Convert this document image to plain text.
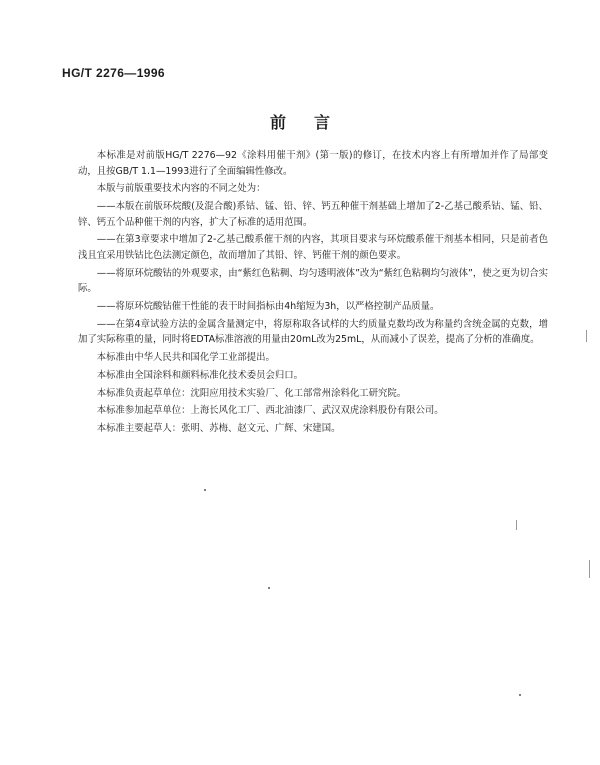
HG/T 2276—1996
前言

本标准是对前版HG/T 2276—92《涂料用催干剂》(第一版)的修订，在技术内容上有所增加并作了局部变动，且按GB/T 1.1—1993进行了全面编辑性修改。

本版与前版重要技术内容的不同之处为：

——本版在前版环烷酸(及混合酸)系钴、锰、铅、锌、钙五种催干剂基础上增加了2-乙基己酸系钴、锰、铅、锌、钙五个品种催干剂的内容，扩大了标准的适用范围。

——在第3章要求中增加了2-乙基己酸系催干剂的内容，其项目要求与环烷酸系催干剂基本相同，只是前者色浅且宜采用铁钴比色法测定颜色，故而增加了其铅、锌、钙催干剂的颜色要求。

——将原环烷酸钴的外观要求，由“紫红色粘稠、均匀透明液体”改为“紫红色粘稠均匀液体”，使之更为切合实际。

——将原环烷酸钴催干性能的表干时间指标由4h缩短为3h，以严格控制产品质量。

——在第4章试验方法的金属含量测定中，将原称取各试样的大约质量克数均改为称量约含统金属的克数，增加了实际称重的量，同时将EDTA标准溶液的用量由20mL改为25mL，从而减小了误差，提高了分析的准确度。

本标准由中华人民共和国化学工业部提出。

本标准由全国涂料和颜料标准化技术委员会归口。

本标准负责起草单位：沈阳应用技术实验厂、化工部常州涂料化工研究院。

本标准参加起草单位：上海长风化工厂、西北油漆厂、武汉双虎涂料股份有限公司。

本标准主要起草人：张明、苏梅、赵文元、广辉、宋建国。
